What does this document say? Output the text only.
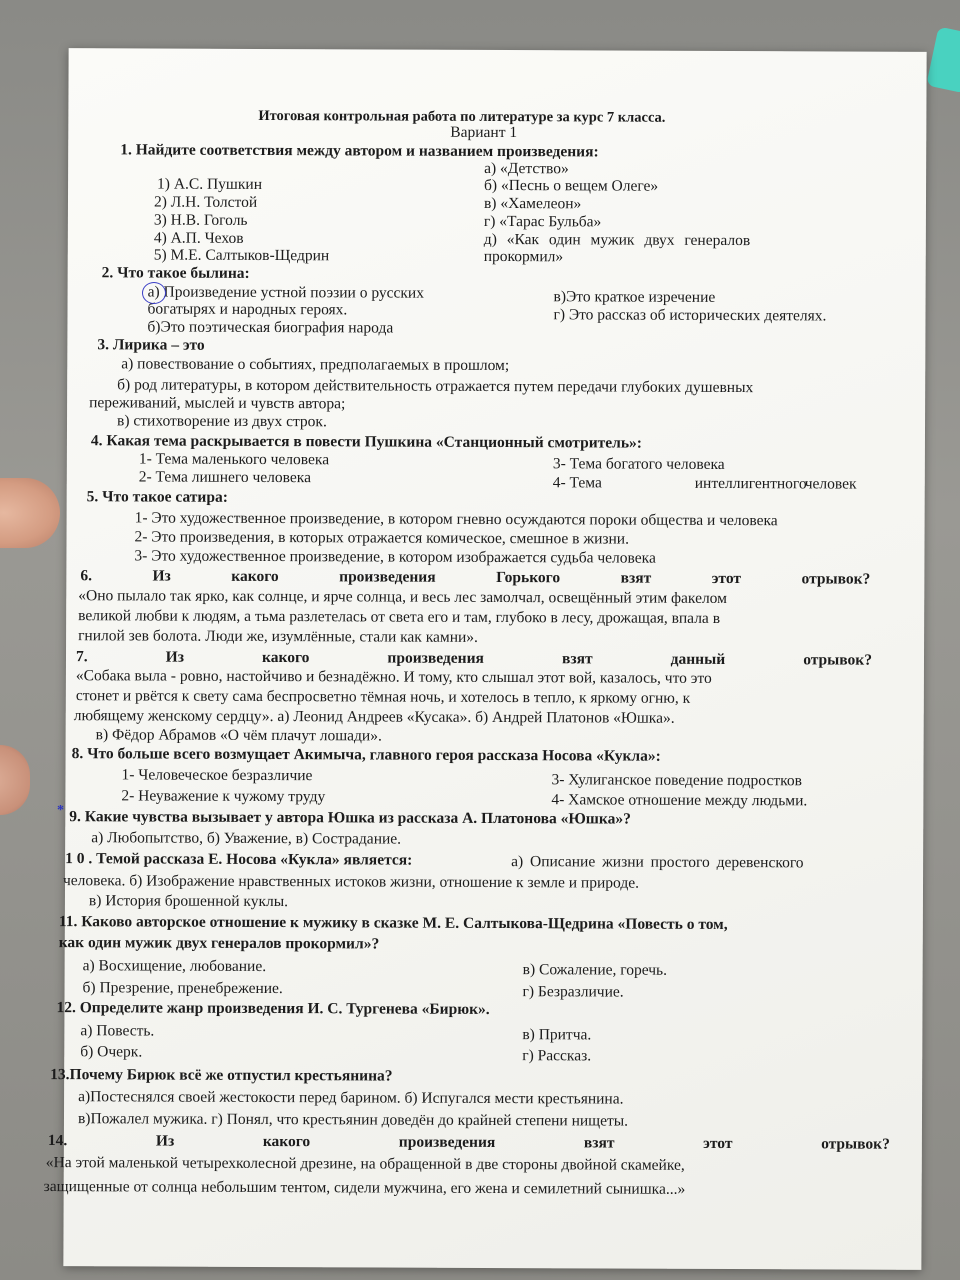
Итоговая контрольная работа по литературе за курс 7 класса.
Вариант 1
1. Найдите соответствия между автором и названием произведения:
1) А.С. Пушкин
2) Л.Н. Толстой
3) Н.В. Гоголь
4) А.П. Чехов
5) М.Е. Салтыков-Щедрин
а) «Детство»
б) «Песнь о вещем Олеге»
в) «Хамелеон»
г) «Тарас Бульба»
д) «Как один мужик двух генералов
прокормил»
2. Что такое былина:
а) Произведение устной поэзии о русских
богатырях и народных героях.
б)Это поэтическая биография народа
в)Это краткое изречение
г) Это рассказ об исторических деятелях.
3. Лирика – это
а) повествование о событиях, предполагаемых в прошлом;
б) род литературы, в котором действительность отражается путем передачи глубоких душевных
переживаний, мыслей и чувств автора;
в) стихотворение из двух строк.
4. Какая тема раскрывается в повести Пушкина «Станционный смотритель»:
1- Тема маленького человека
2- Тема лишнего человека
3- Тема богатого человека
4- Тема	интеллигентного
человек
5. Что такое сатира:
1- Это художественное произведение, в котором гневно осуждаются пороки общества и человека
2- Это произведения, в которых отражается комическое, смешное в жизни.
3- Это художественное произведение, в котором изображается судьба человека
6.	Из	какого	произведения	Горького	взят	этот	отрывок?
«Оно пылало так ярко, как солнце, и ярче солнца, и весь лес замолчал, освещённый этим факелом
великой любви к людям, а тьма разлетелась от света его и там, глубоко в лесу, дрожащая, впала в
гнилой зев болота. Люди же, изумлённые, стали как камни».
7.	Из	какого	произведения	взят	данный	отрывок?
«Собака выла - ровно, настойчиво и безнадёжно. И тому, кто слышал этот вой, казалось, что это
стонет и рвётся к свету сама беспросветно тёмная ночь, и хотелось в тепло, к яркому огню, к
любящему женскому сердцу». а) Леонид Андреев «Кусака». б) Андрей Платонов «Юшка».
в) Фёдор Абрамов «О чём плачут лошади».
8. Что больше всего возмущает Акимыча, главного героя рассказа Носова «Кукла»:
1- Человеческое безразличие
2- Неуважение к чужому труду
3- Хулиганское поведение подростков
4- Хамское отношение между людьми.
9. Какие чувства вызывает у автора Юшка из рассказа А. Платонова «Юшка»?
а) Любопытство, б) Уважение, в) Сострадание.
1 0 . Темой рассказа Е. Носова «Кукла» является:	а) Описание жизни простого деревенского
человека. б) Изображение нравственных истоков жизни, отношение к земле и природе.
в) История брошенной куклы.
11. Каково авторское отношение к мужику в сказке М. Е. Салтыкова-Щедрина «Повесть о том,
как один мужик двух генералов прокормил»?
а) Восхищение, любование.	в) Сожаление, горечь.
б) Презрение, пренебрежение.	г) Безразличие.
12. Определите жанр произведения И. С. Тургенева «Бирюк».
а) Повесть.	в) Притча.
б) Очерк.	г) Рассказ.
13.Почему Бирюк всё же отпустил крестьянина?
а)Постеснялся своей жестокости перед барином. б) Испугался мести крестьянина.
в)Пожалел мужика. г) Понял, что крестьянин доведён до крайней степени нищеты.
14.	Из	какого	произведения	взят	этот	отрывок?
«На этой маленькой четырехколесной дрезине, на обращенной в две стороны двойной скамейке,
защищенные от солнца небольшим тентом, сидели мужчина, его жена и семилетний сынишка...»
*
